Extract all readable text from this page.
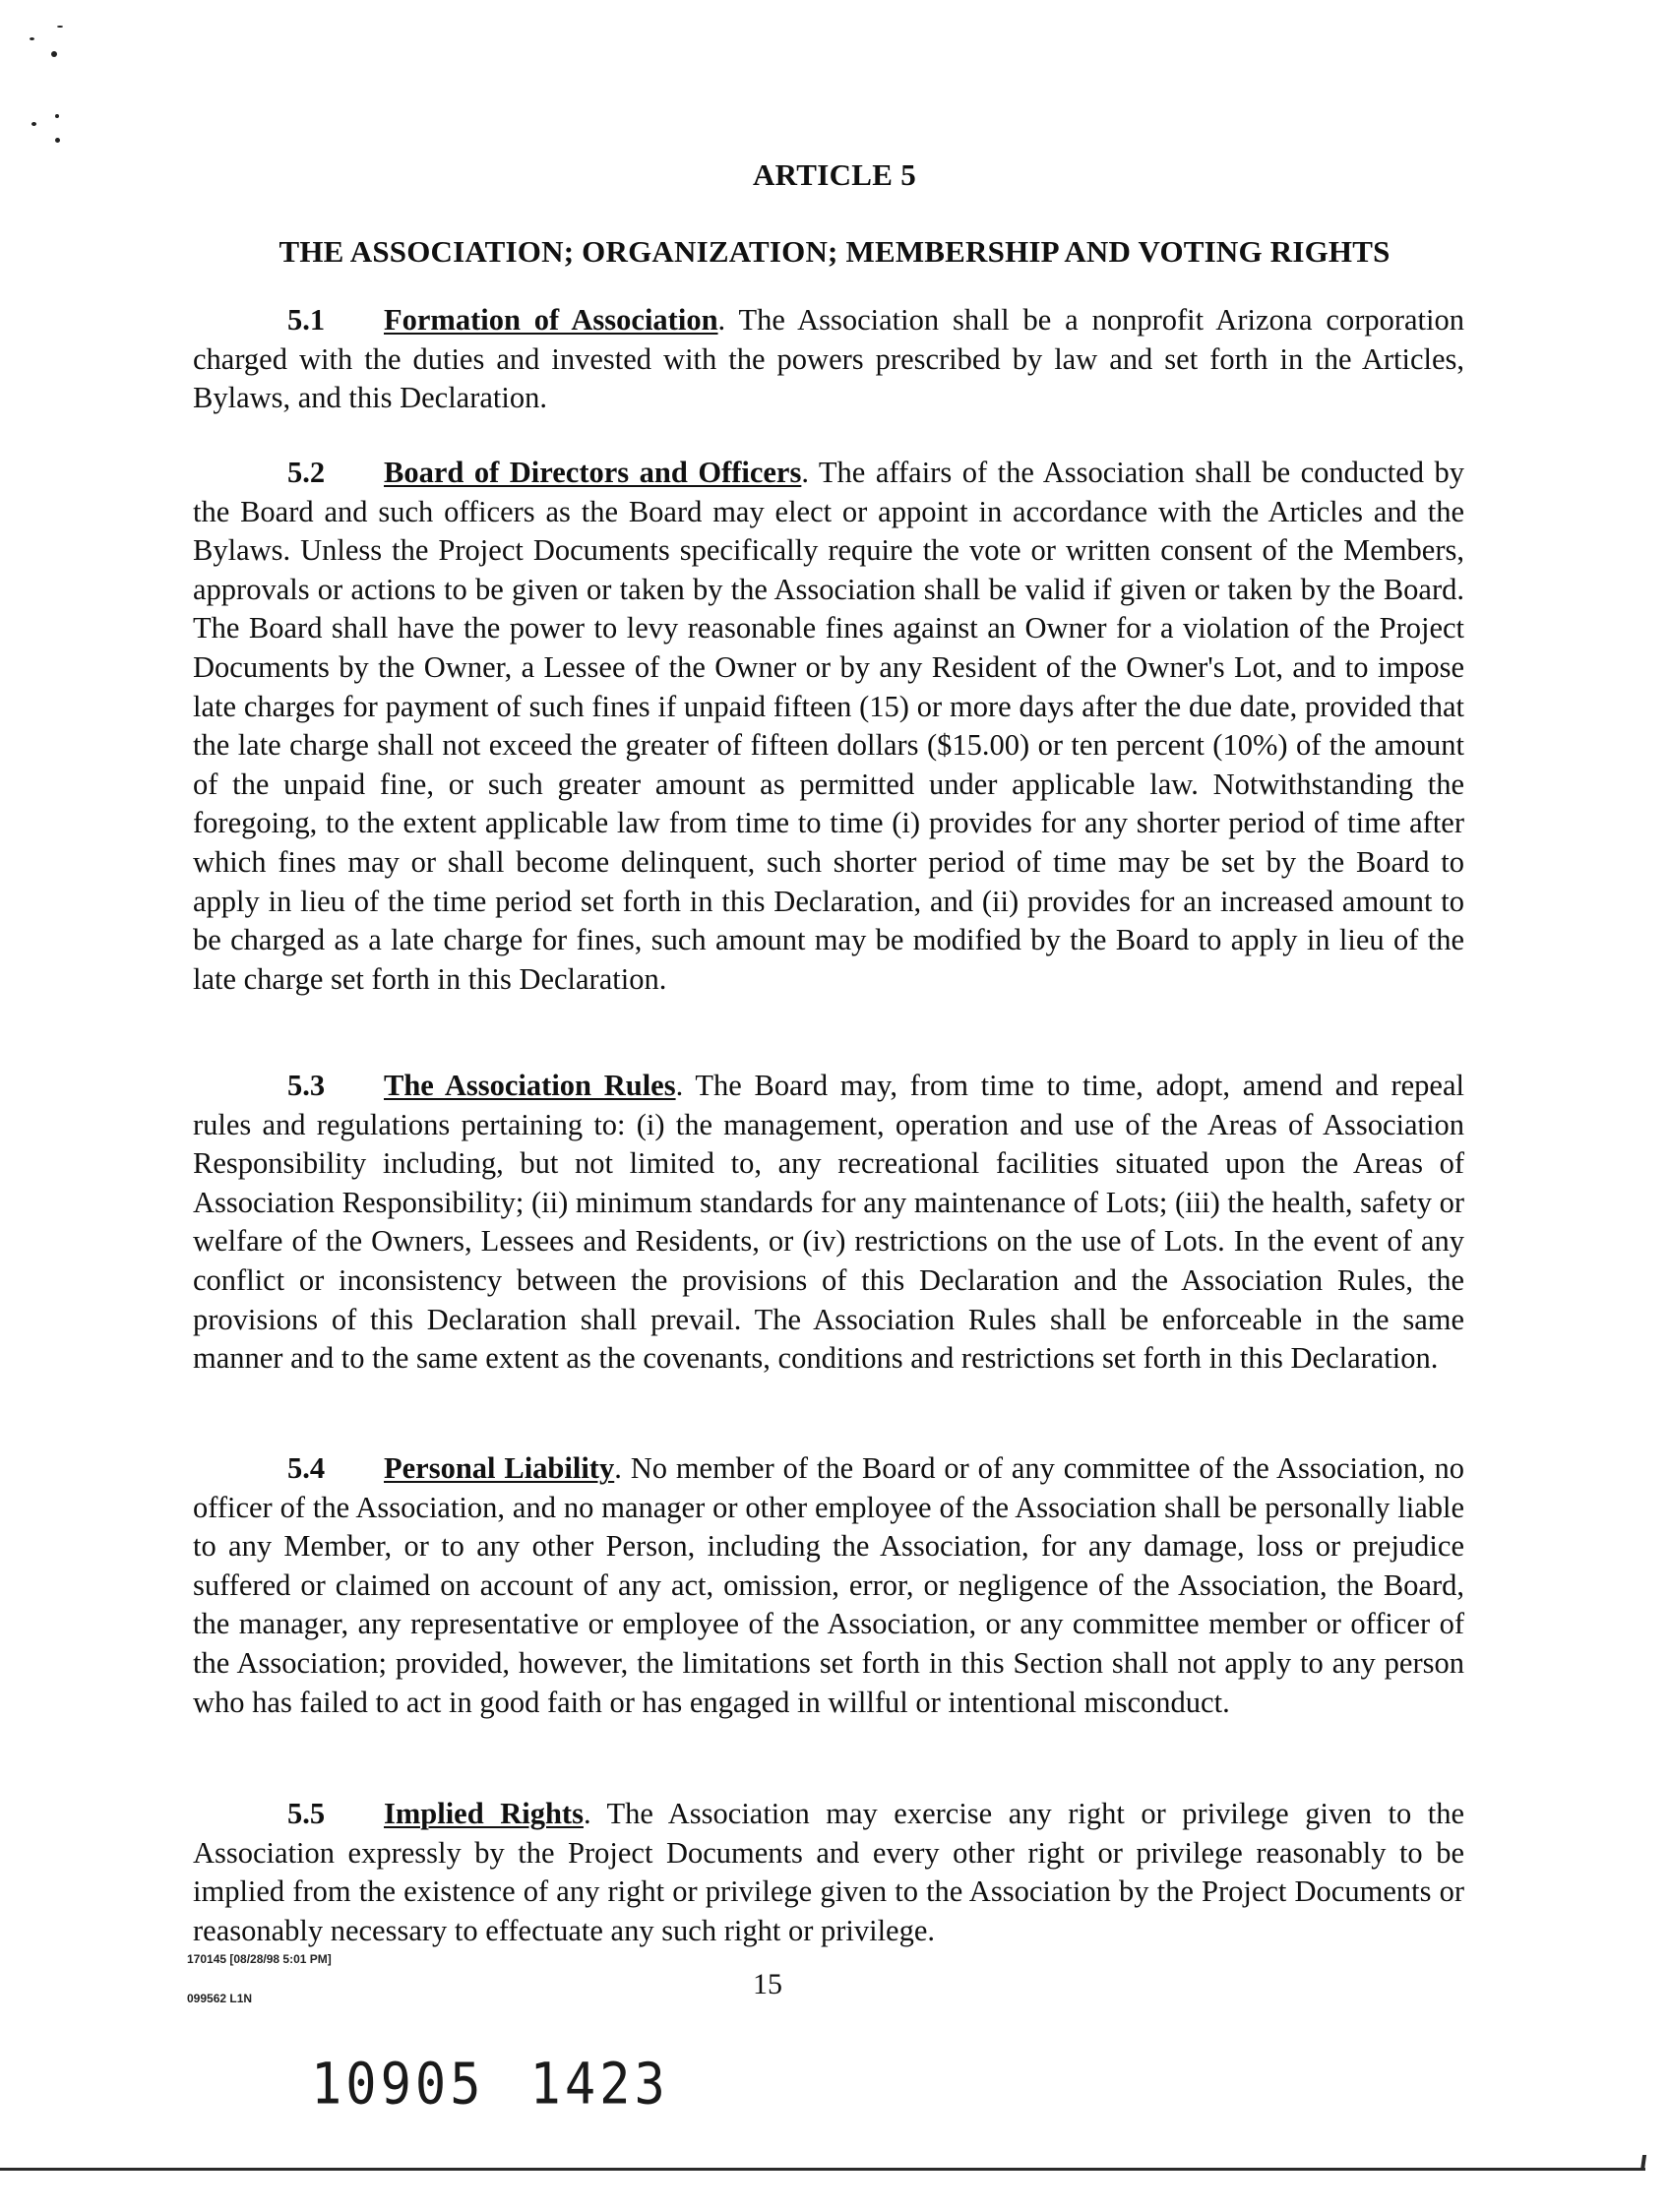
ARTICLE 5
THE ASSOCIATION; ORGANIZATION; MEMBERSHIP AND VOTING RIGHTS
5.1 Formation of Association. The Association shall be a nonprofit Arizona corporation charged with the duties and invested with the powers prescribed by law and set forth in the Articles, Bylaws, and this Declaration.
5.2 Board of Directors and Officers. The affairs of the Association shall be conducted by the Board and such officers as the Board may elect or appoint in accordance with the Articles and the Bylaws. Unless the Project Documents specifically require the vote or written consent of the Members, approvals or actions to be given or taken by the Association shall be valid if given or taken by the Board. The Board shall have the power to levy reasonable fines against an Owner for a violation of the Project Documents by the Owner, a Lessee of the Owner or by any Resident of the Owner's Lot, and to impose late charges for payment of such fines if unpaid fifteen (15) or more days after the due date, provided that the late charge shall not exceed the greater of fifteen dollars ($15.00) or ten percent (10%) of the amount of the unpaid fine, or such greater amount as permitted under applicable law. Notwithstanding the foregoing, to the extent applicable law from time to time (i) provides for any shorter period of time after which fines may or shall become delinquent, such shorter period of time may be set by the Board to apply in lieu of the time period set forth in this Declaration, and (ii) provides for an increased amount to be charged as a late charge for fines, such amount may be modified by the Board to apply in lieu of the late charge set forth in this Declaration.
5.3 The Association Rules. The Board may, from time to time, adopt, amend and repeal rules and regulations pertaining to: (i) the management, operation and use of the Areas of Association Responsibility including, but not limited to, any recreational facilities situated upon the Areas of Association Responsibility; (ii) minimum standards for any maintenance of Lots; (iii) the health, safety or welfare of the Owners, Lessees and Residents, or (iv) restrictions on the use of Lots. In the event of any conflict or inconsistency between the provisions of this Declaration and the Association Rules, the provisions of this Declaration shall prevail. The Association Rules shall be enforceable in the same manner and to the same extent as the covenants, conditions and restrictions set forth in this Declaration.
5.4 Personal Liability. No member of the Board or of any committee of the Association, no officer of the Association, and no manager or other employee of the Association shall be personally liable to any Member, or to any other Person, including the Association, for any damage, loss or prejudice suffered or claimed on account of any act, omission, error, or negligence of the Association, the Board, the manager, any representative or employee of the Association, or any committee member or officer of the Association; provided, however, the limitations set forth in this Section shall not apply to any person who has failed to act in good faith or has engaged in willful or intentional misconduct.
5.5 Implied Rights. The Association may exercise any right or privilege given to the Association expressly by the Project Documents and every other right or privilege reasonably to be implied from the existence of any right or privilege given to the Association by the Project Documents or reasonably necessary to effectuate any such right or privilege.
170145 [08/28/98 5:01 PM]
099562 L1N	15
10905 1423
